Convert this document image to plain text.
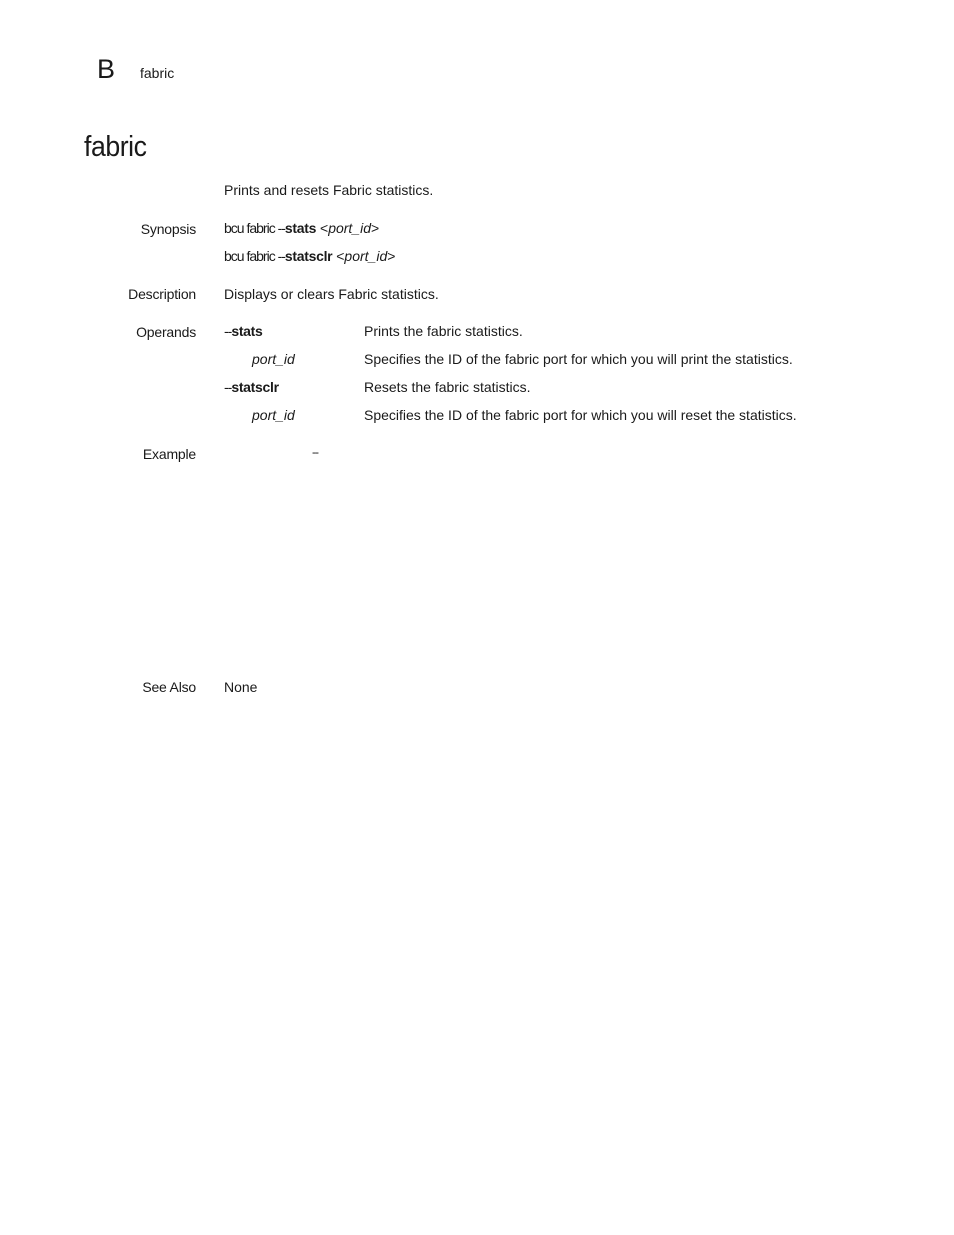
B fabric
fabric
Prints and resets Fabric statistics.
Synopsis bcu fabric --stats <port_id>
bcu fabric --statsclr <port_id>
Description Displays or clears Fabric statistics.
Operands --stats	Prints the fabric statistics.
port_id	Specifies the ID of the fabric port for which you will print the statistics.
--statsclr	Resets the fabric statistics.
port_id	Specifies the ID of the fabric port for which you will reset the statistics.
Example	--
See Also None
